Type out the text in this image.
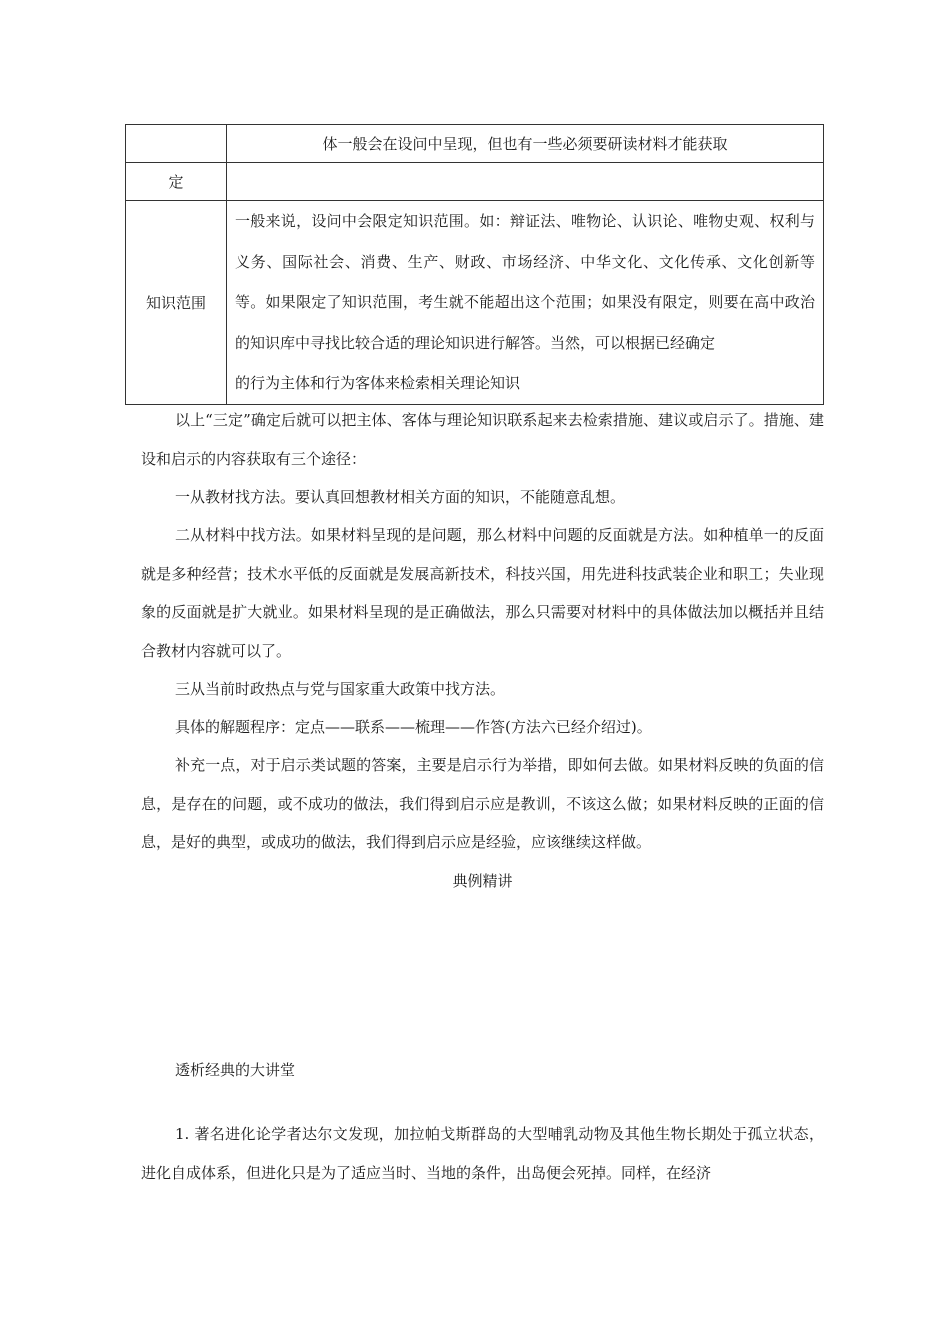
	体一般会在设问中呈现，但也有一些必须要研读材料才能获取
定	
知识范围	一般来说，设问中会限定知识范围。如：辩证法、唯物论、认识论、唯物史观、权利与义务、国际社会、消费、生产、财政、市场经济、中华文化、文化传承、文化创新等等。如果限定了知识范围，考生就不能超出这个范围；如果没有限定，则要在高中政治的知识库中寻找比较合适的理论知识进行解答。当然，可以根据已经确定
的行为主体和行为客体来检索相关理论知识

以上“三定”确定后就可以把主体、客体与理论知识联系起来去检索措施、建议或启示了。措施、建设和启示的内容获取有三个途径：

一从教材找方法。要认真回想教材相关方面的知识，不能随意乱想。

二从材料中找方法。如果材料呈现的是问题，那么材料中问题的反面就是方法。如种植单一的反面就是多种经营；技术水平低的反面就是发展高新技术，科技兴国，用先进科技武装企业和职工；失业现象的反面就是扩大就业。如果材料呈现的是正确做法，那么只需要对材料中的具体做法加以概括并且结合教材内容就可以了。

三从当前时政热点与党与国家重大政策中找方法。

具体的解题程序：定点——联系——梳理——作答(方法六已经介绍过)。

补充一点，对于启示类试题的答案，主要是启示行为举措，即如何去做。如果材料反映的负面的信息，是存在的问题，或不成功的做法，我们得到启示应是教训，不该这么做；如果材料反映的正面的信息，是好的典型，或成功的做法，我们得到启示应是经验，应该继续这样做。

典例精讲

透析经典的大讲堂

1. 著名进化论学者达尔文发现，加拉帕戈斯群岛的大型哺乳动物及其他生物长期处于孤立状态，进化自成体系，但进化只是为了适应当时、当地的条件，出岛便会死掉。同样，在经济
